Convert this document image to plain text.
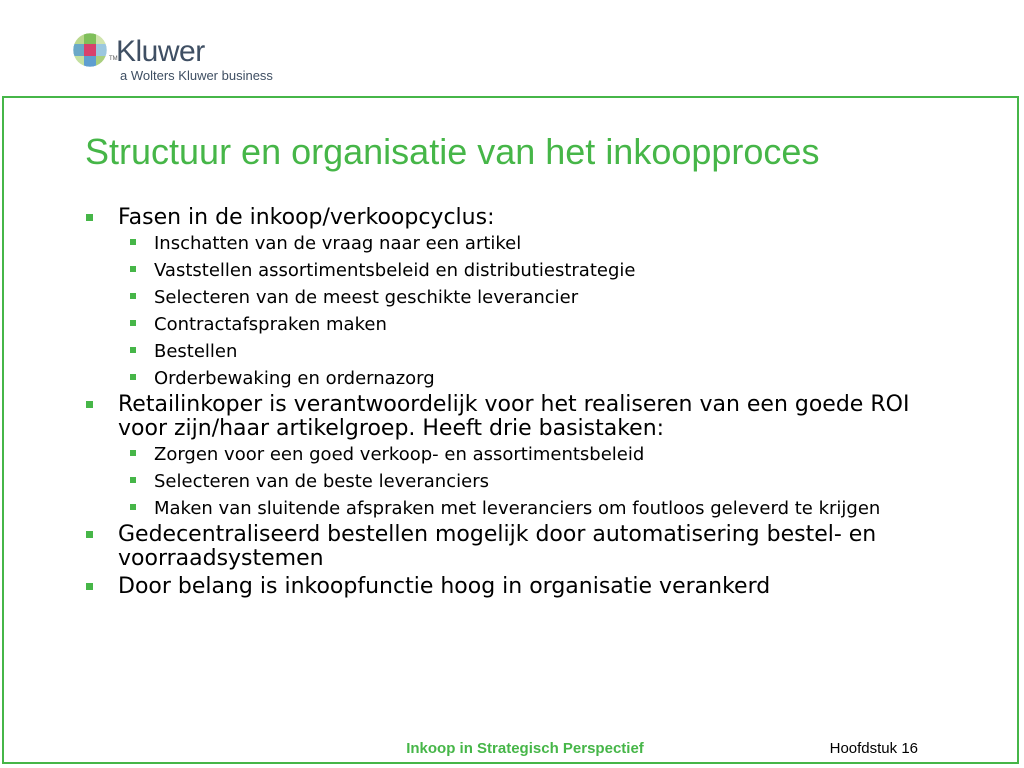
TM
Kluwer
a Wolters Kluwer business
Structuur en organisatie van het inkoopproces
Fasen in de inkoop/verkoopcyclus:
Inschatten van de vraag naar een artikel
Vaststellen assortimentsbeleid en distributiestrategie
Selecteren van de meest geschikte leverancier
Contractafspraken maken
Bestellen
Orderbewaking en ordernazorg
Retailinkoper is verantwoordelijk voor het realiseren van een goede ROI voor zijn/haar artikelgroep. Heeft drie basistaken:
Zorgen voor een goed verkoop- en assortimentsbeleid
Selecteren van de beste leveranciers
Maken van sluitende afspraken met leveranciers om foutloos geleverd te krijgen
Gedecentraliseerd bestellen mogelijk door automatisering bestel- en voorraadsystemen
Door belang is inkoopfunctie hoog in organisatie verankerd
Inkoop in Strategisch Perspectief	Hoofdstuk 16
